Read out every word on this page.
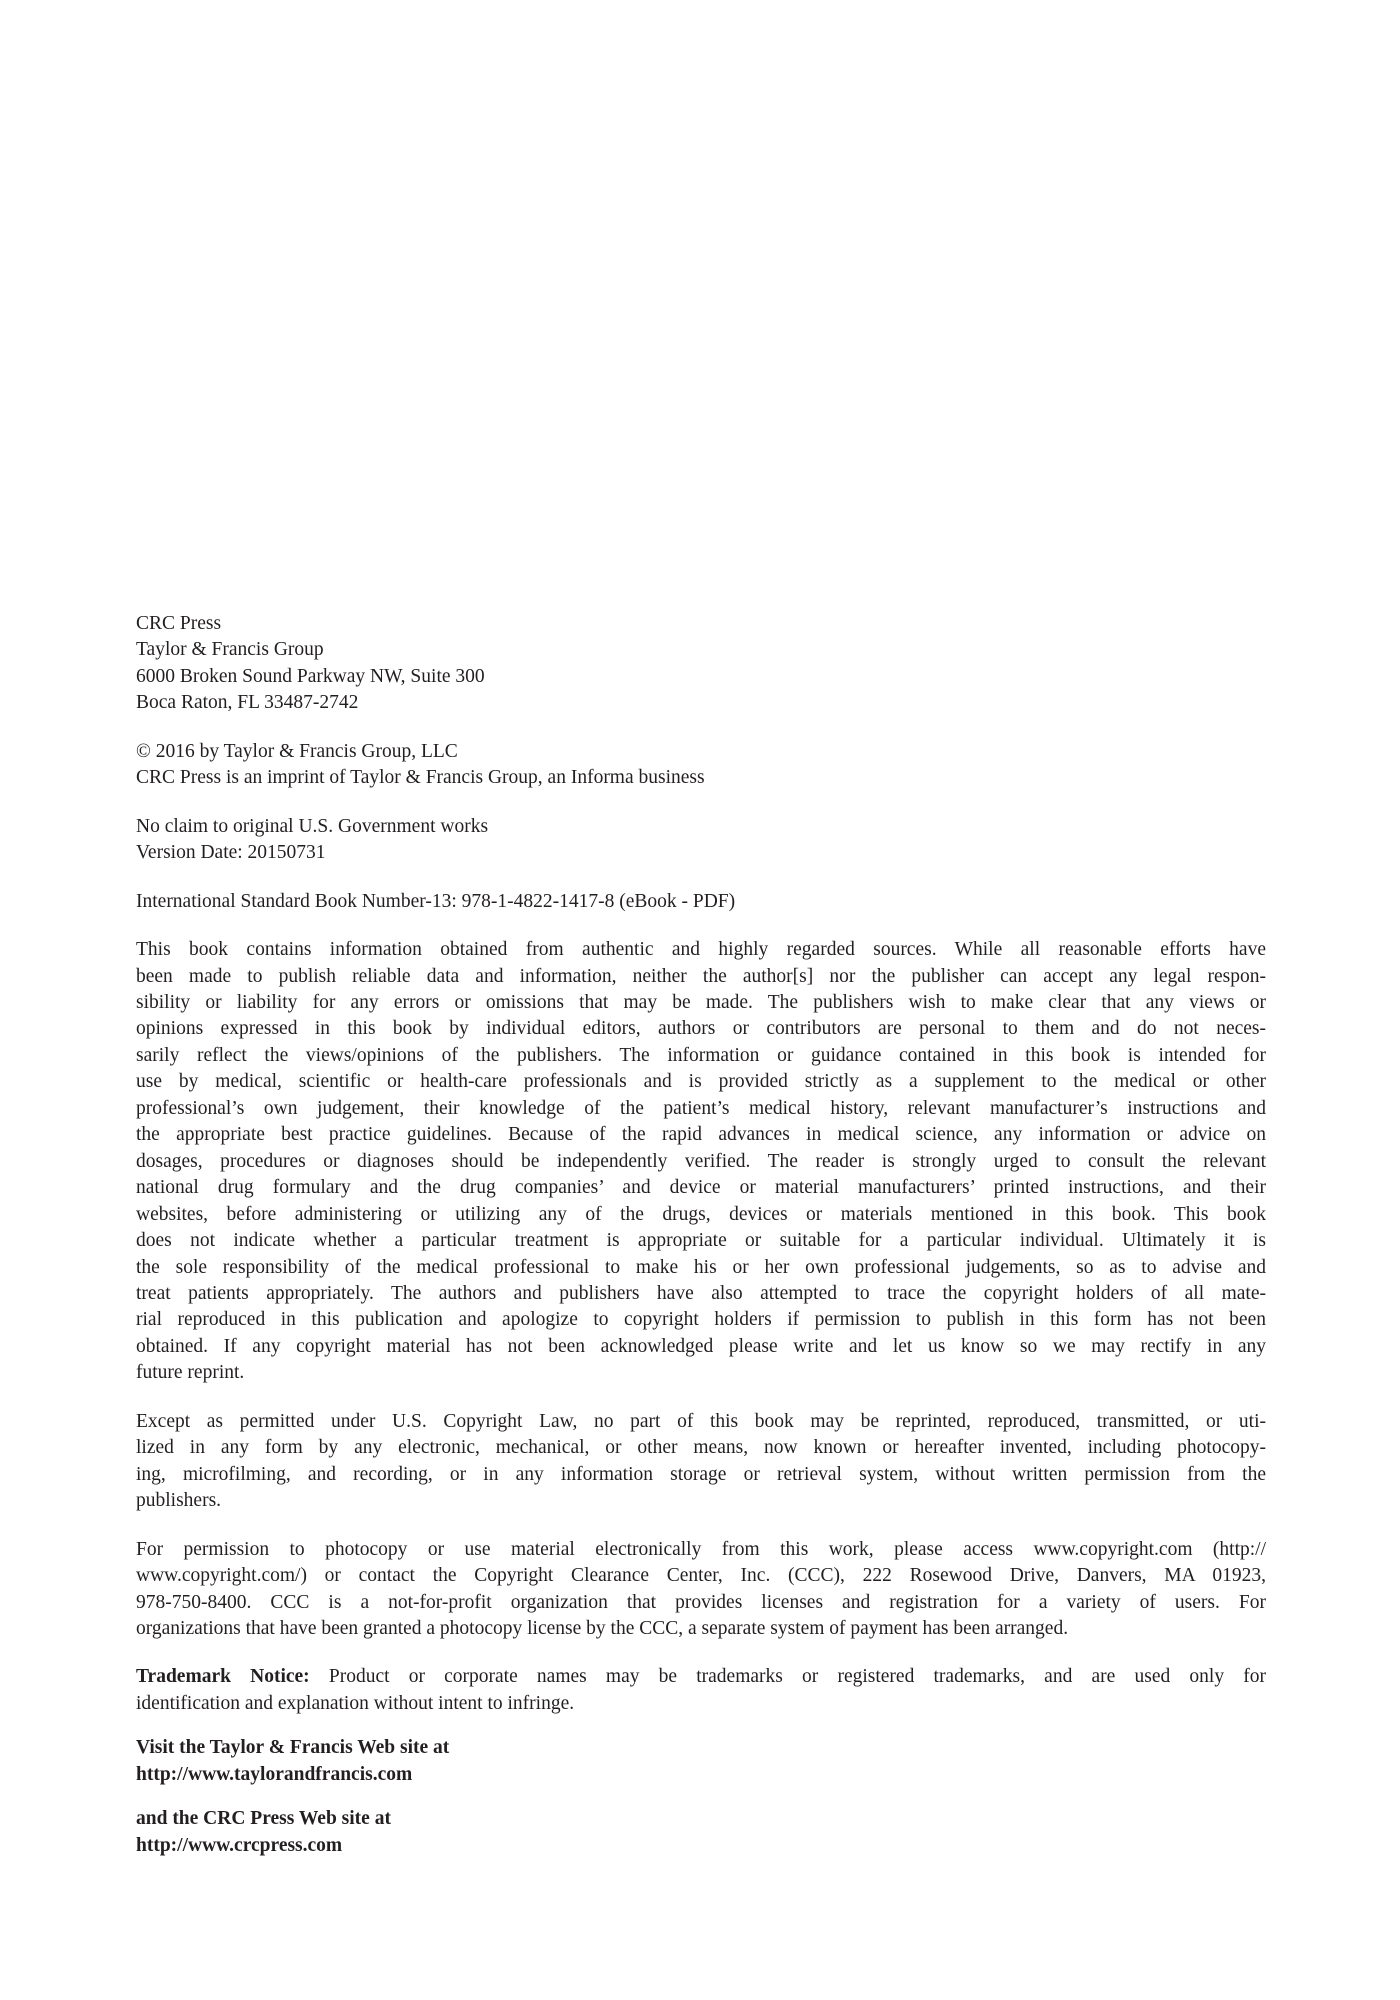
CRC Press
Taylor & Francis Group
6000 Broken Sound Parkway NW, Suite 300
Boca Raton, FL 33487-2742
© 2016 by Taylor & Francis Group, LLC
CRC Press is an imprint of Taylor & Francis Group, an Informa business
No claim to original U.S. Government works
Version Date: 20150731
International Standard Book Number-13: 978-1-4822-1417-8 (eBook - PDF)
This book contains information obtained from authentic and highly regarded sources. While all reasonable efforts have
been made to publish reliable data and information, neither the author[s] nor the publisher can accept any legal respon-
sibility or liability for any errors or omissions that may be made. The publishers wish to make clear that any views or
opinions expressed in this book by individual editors, authors or contributors are personal to them and do not neces-
sarily reflect the views/opinions of the publishers. The information or guidance contained in this book is intended for
use by medical, scientific or health-care professionals and is provided strictly as a supplement to the medical or other
professional’s own judgement, their knowledge of the patient’s medical history, relevant manufacturer’s instructions and
the appropriate best practice guidelines. Because of the rapid advances in medical science, any information or advice on
dosages, procedures or diagnoses should be independently verified. The reader is strongly urged to consult the relevant
national drug formulary and the drug companies’ and device or material manufacturers’ printed instructions, and their
websites, before administering or utilizing any of the drugs, devices or materials mentioned in this book. This book
does not indicate whether a particular treatment is appropriate or suitable for a particular individual. Ultimately it is
the sole responsibility of the medical professional to make his or her own professional judgements, so as to advise and
treat patients appropriately. The authors and publishers have also attempted to trace the copyright holders of all mate-
rial reproduced in this publication and apologize to copyright holders if permission to publish in this form has not been
obtained. If any copyright material has not been acknowledged please write and let us know so we may rectify in any
future reprint.
Except as permitted under U.S. Copyright Law, no part of this book may be reprinted, reproduced, transmitted, or uti-
lized in any form by any electronic, mechanical, or other means, now known or hereafter invented, including photocopy-
ing, microfilming, and recording, or in any information storage or retrieval system, without written permission from the
publishers.
For permission to photocopy or use material electronically from this work, please access www.copyright.com (http://
www.copyright.com/) or contact the Copyright Clearance Center, Inc. (CCC), 222 Rosewood Drive, Danvers, MA 01923,
978-750-8400. CCC is a not-for-profit organization that provides licenses and registration for a variety of users. For
organizations that have been granted a photocopy license by the CCC, a separate system of payment has been arranged.
Trademark Notice: Product or corporate names may be trademarks or registered trademarks, and are used only for
identification and explanation without intent to infringe.
Visit the Taylor & Francis Web site at
http://www.taylorandfrancis.com
and the CRC Press Web site at
http://www.crcpress.com
